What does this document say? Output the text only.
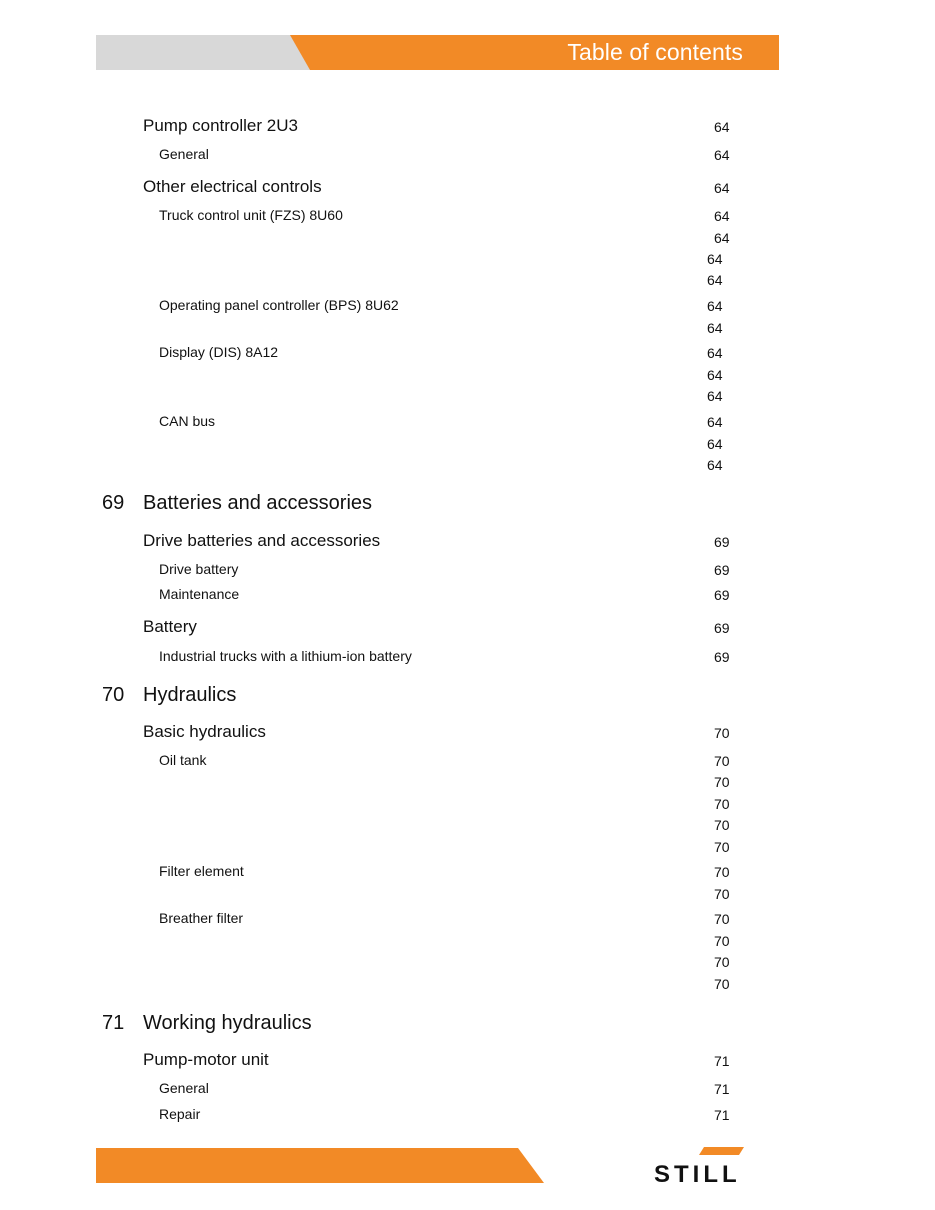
Table of contents
Pump controller 2U3	64
General	64
Other electrical controls	64
Truck control unit (FZS) 8U60	64
64
64
64
Operating panel controller (BPS) 8U62	64
64
Display (DIS) 8A12	64
64
64
CAN bus	64
64
64
69 Batteries and accessories
Drive batteries and accessories	69
Drive battery	69
Maintenance	69
Battery	69
Industrial trucks with a lithium-ion battery	69
70 Hydraulics
Basic hydraulics	70
Oil tank	70
70
70
70
70
Filter element	70
70
Breather filter	70
70
70
70
71 Working hydraulics
Pump-motor unit	71
General	71
Repair	71
STILL
